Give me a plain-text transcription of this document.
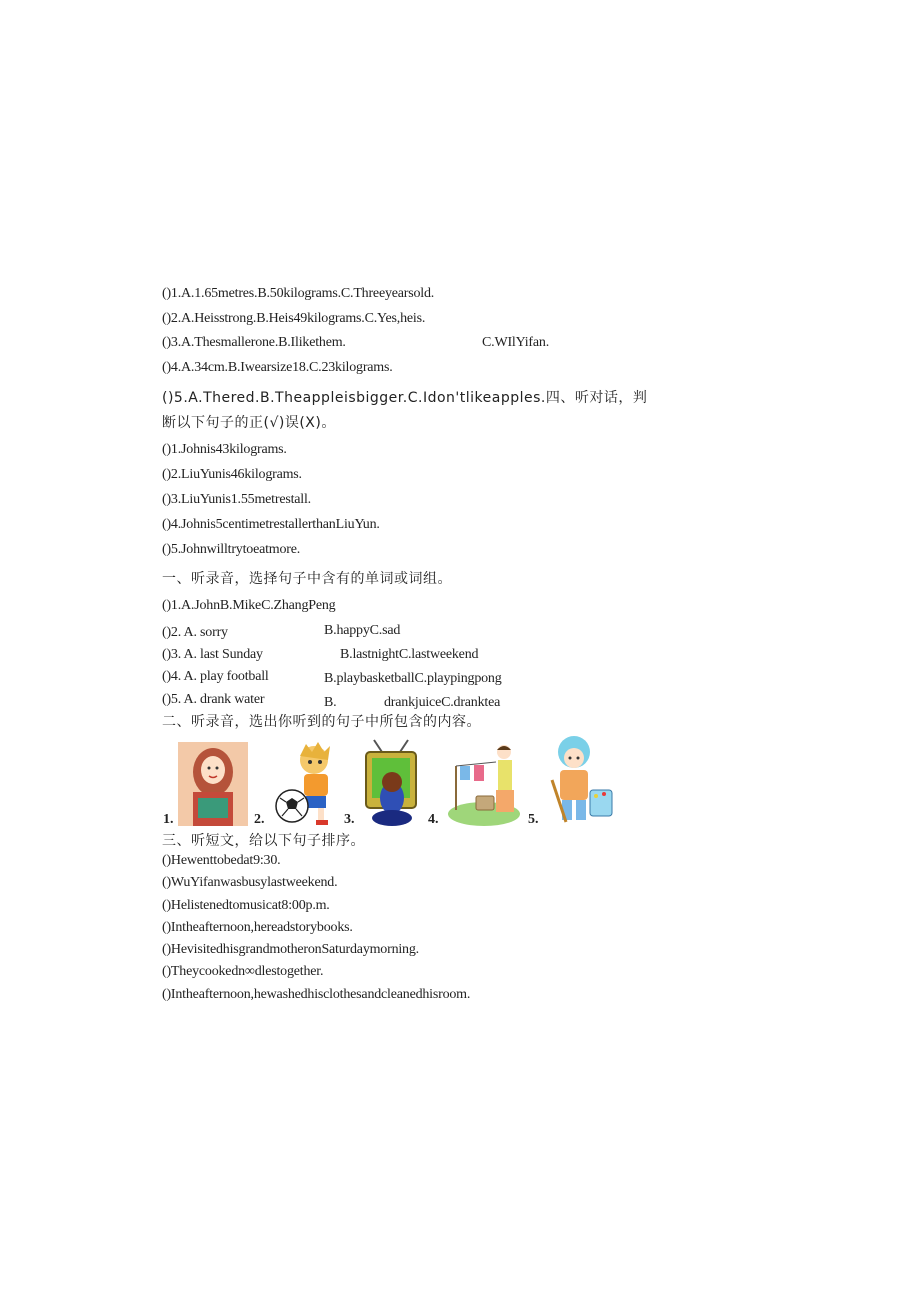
()1.A.1.65metres.B.50kilograms.C.Threeyearsold.
()2.A.Heisstrong.B.Heis49kilograms.C.Yes,heis.
()3.A.Thesmallerone.B.Ilikethem.	C.WIlYifan.
()4.A.34cm.B.Iwearsize18.C.23kilograms.
()5.A.Thered.B.Theappleisbigger.C.Idon'tlikeapples.四、听对话，判
断以下句子的正(√)误(X)。
()1.Johnis43kilograms.
()2.LiuYunis46kilograms.
()3.LiuYunis1.55metrestall.
()4.Johnis5centimetrestallerthanLiuYun.
()5.Johnwilltrytoeatmore.
一、听录音，选择句子中含有的单词或词组。
()1.A.JohnB.MikeC.ZhangPeng
()2. A. sorry	B.happyC.sad
()3. A. last Sunday	B.lastnightC.lastweekend
()4. A. play football	B.playbasketballC.playpingpong
()5. A. drank water	B.	drankjuiceC.dranktea
二、听录音，选出你听到的句子中所包含的内容。
1.	2.	3.	4.	5.
三、听短文，给以下句子排序。
()Hewenttobedat9:30.
()WuYifanwasbusylastweekend.
()Helistenedtomusicat8:00p.m.
()Intheafternoon,hereadstorybooks.
()HevisitedhisgrandmotheronSaturdaymorning.
()Theycookedn∞dlestogether.
()Intheafternoon,hewashedhisclothesandcleanedhisroom.
